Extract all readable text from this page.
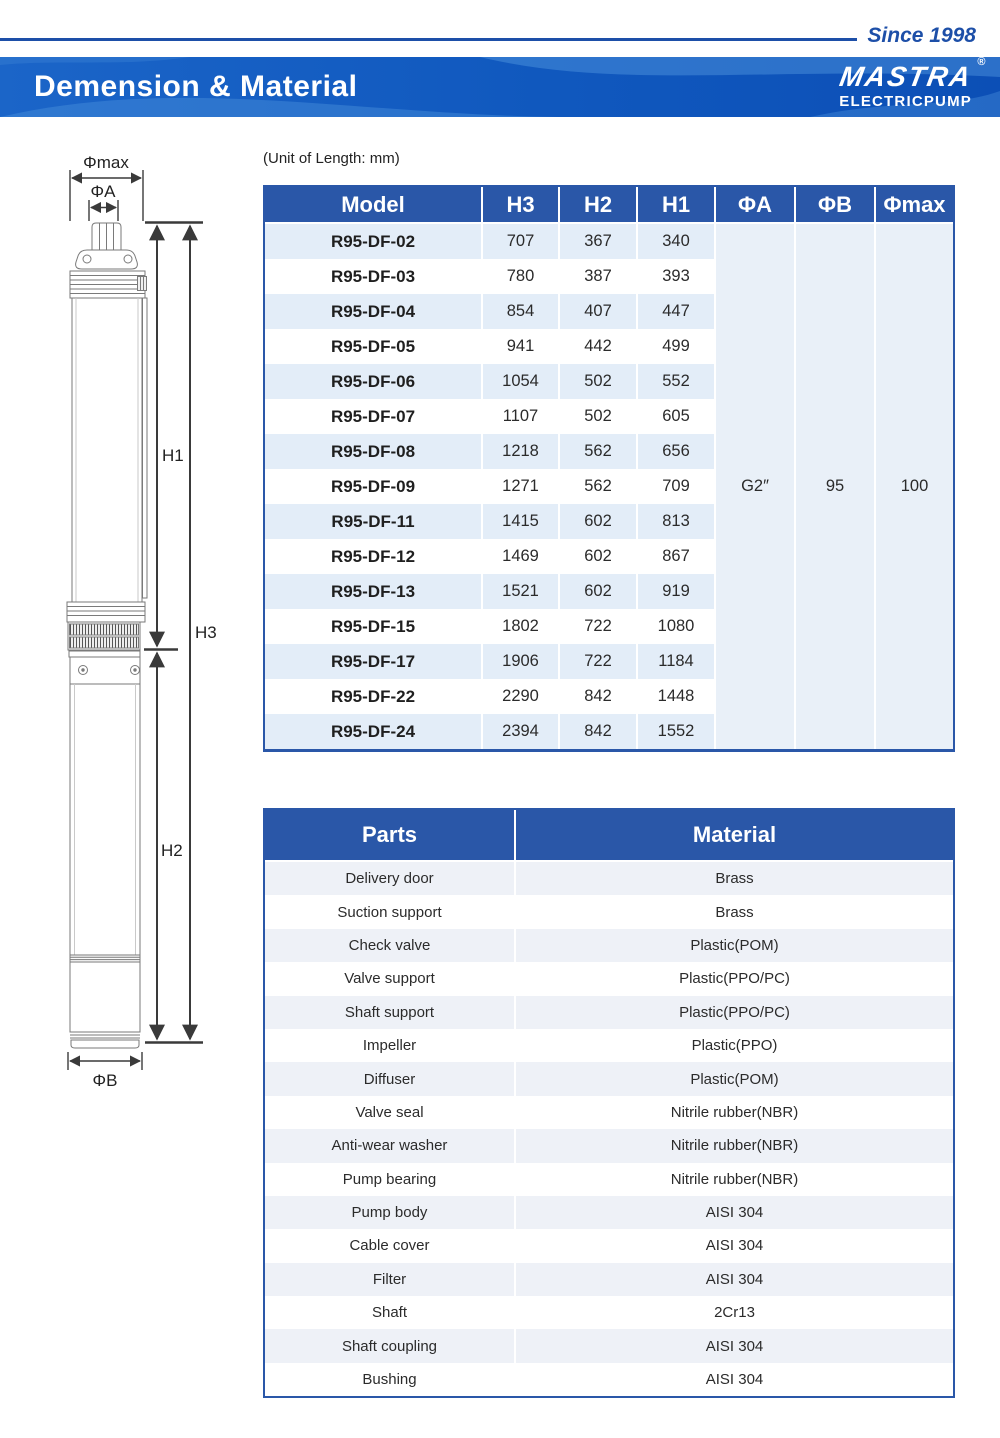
Since 1998
Demension & Material	MASTRA ®
ELECTRICPUMP
(Unit of Length: mm)
Φmax
ΦA
H1
H3
H2
ΦB
Model	H3	H2	H1	ΦA	ΦB	Φmax
G2″	95	100
R95-DF-02	707	367	340
R95-DF-03	780	387	393
R95-DF-04	854	407	447
R95-DF-05	941	442	499
R95-DF-06	1054	502	552
R95-DF-07	1107	502	605
R95-DF-08	1218	562	656
R95-DF-09	1271	562	709
R95-DF-11	1415	602	813
R95-DF-12	1469	602	867
R95-DF-13	1521	602	919
R95-DF-15	1802	722	1080
R95-DF-17	1906	722	1184
R95-DF-22	2290	842	1448
R95-DF-24	2394	842	1552
Parts	Material
Delivery door	Brass
Suction support	Brass
Check valve	Plastic(POM)
Valve support	Plastic(PPO/PC)
Shaft support	Plastic(PPO/PC)
Impeller	Plastic(PPO)
Diffuser	Plastic(POM)
Valve seal	Nitrile rubber(NBR)
Anti-wear washer	Nitrile rubber(NBR)
Pump bearing	Nitrile rubber(NBR)
Pump body	AISI 304
Cable cover	AISI 304
Filter	AISI 304
Shaft	2Cr13
Shaft coupling	AISI 304
Bushing	AISI 304
